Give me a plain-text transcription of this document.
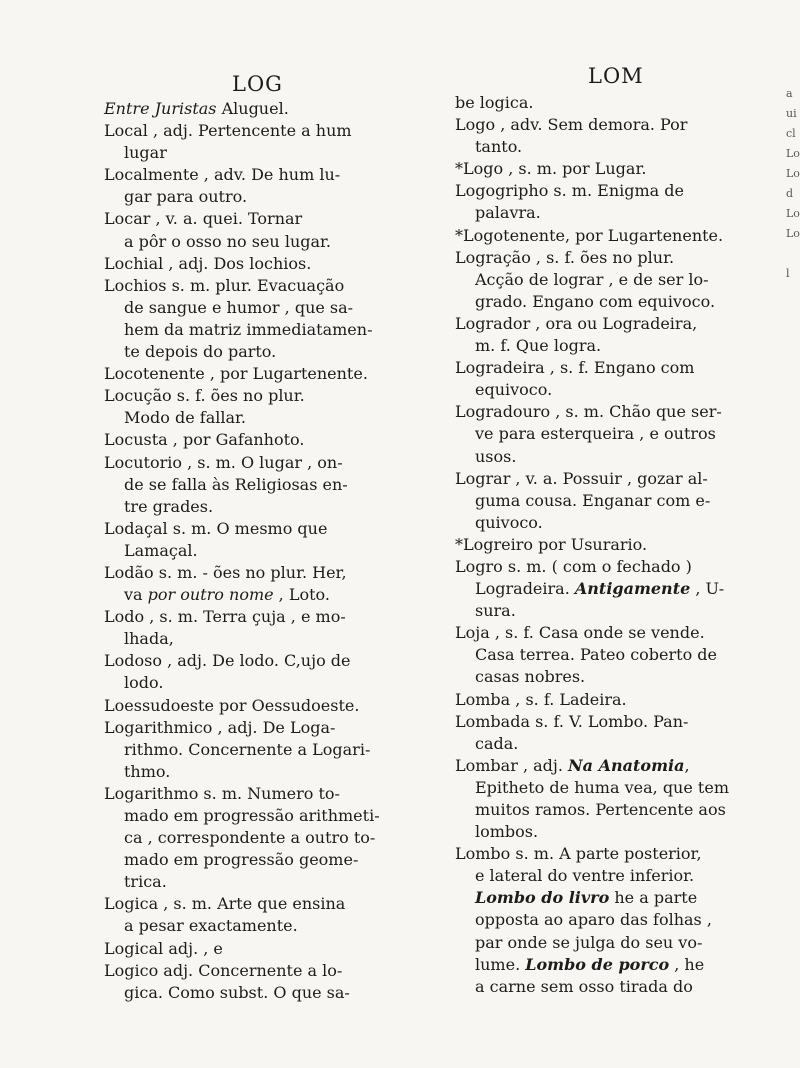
LOG	LOM
Entre Juristas Aluguel.
Local , adj. Pertencente a hum
lugar
Localmente , adv. De hum lu-
gar para outro.
Locar , v. a. quei. Tornar
a pôr o osso no seu lugar.
Lochial , adj. Dos lochios.
Lochios s. m. plur. Evacuação
de sangue e humor , que sa-
hem da matriz immediatamen-
te depois do parto.
Locotenente , por Lugartenente.
Locução s. f. ões no plur.
Modo de fallar.
Locusta , por Gafanhoto.
Locutorio , s. m. O lugar , on-
de se falla às Religiosas en-
tre grades.
Lodaçal s. m. O mesmo que
Lamaçal.
Lodão s. m. - ões no plur. Her,
va por outro nome , Loto.
Lodo , s. m. Terra çuja , e mo-
lhada,
Lodoso , adj. De lodo. C,ujo de
lodo.
Loessudoeste por Oessudoeste.
Logarithmico , adj. De Loga-
rithmo. Concernente a Logari-
thmo.
Logarithmo s. m. Numero to-
mado em progressão arithmeti-
ca , correspondente a outro to-
mado em progressão geome-
trica.
Logica , s. m. Arte que ensina
a pesar exactamente.
Logical adj. , e
Logico adj. Concernente a lo-
gica. Como subst. O que sa-
be logica.
Logo , adv. Sem demora. Por
tanto.
*Logo , s. m. por Lugar.
Logogripho s. m. Enigma de
palavra.
*Logotenente, por Lugartenente.
Logração , s. f. ões no plur.
Acção de lograr , e de ser lo-
grado. Engano com equivoco.
Logrador , ora ou Logradeira,
m. f. Que logra.
Logradeira , s. f. Engano com
equivoco.
Logradouro , s. m. Chão que ser-
ve para esterqueira , e outros
usos.
Lograr , v. a. Possuir , gozar al-
guma cousa. Enganar com e-
quivoco.
*Logreiro por Usurario.
Logro s. m. ( com o fechado )
Logradeira. Antigamente , U-
sura.
Loja , s. f. Casa onde se vende.
Casa terrea. Pateo coberto de
casas nobres.
Lomba , s. f. Ladeira.
Lombada s. f. V. Lombo. Pan-
cada.
Lombar , adj. Na Anatomia,
Epitheto de huma vea, que tem
muitos ramos. Pertencente aos
lombos.
Lombo s. m. A parte posterior,
e lateral do ventre inferior.
Lombo do livro he a parte
opposta ao aparo das folhas ,
par onde se julga do seu vo-
lume. Lombo de porco , he
a carne sem osso tirada do
a
ui
cl
Lo
Lo
d
Lo
Lo

l
